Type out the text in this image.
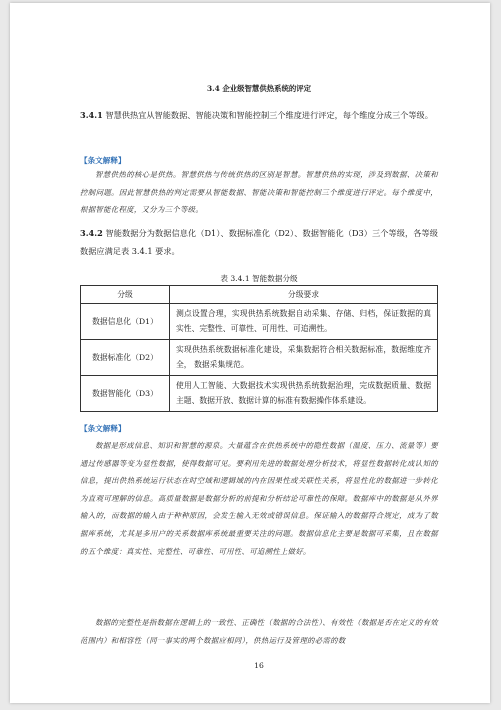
3.4 企业级智慧供热系统的评定
3.4.1 智慧供热宜从智能数据、智能决策和智能控制三个维度进行评定，每个维度分成三个等级。
【条文解释】
智慧供热的核心是供热。智慧供热与传统供热的区别是智慧。智慧供热的实现，涉及到数据、决策和控制问题。因此智慧供热的判定需要从智能数据、智能决策和智能控制三个维度进行评定。每个维度中，根据智能化程度，又分为三个等级。
3.4.2 智能数据分为数据信息化（D1）、数据标准化（D2）、数据智能化（D3）三个等级，各等级数据应满足表 3.4.1 要求。
表 3.4.1 智能数据分级
分级	分级要求
数据信息化（D1）	测点设置合理，实现供热系统数据自动采集、存储、归档，保证数据的真实性、完整性、可靠性、可用性、可追溯性。
数据标准化（D2）	实现供热系统数据标准化建设，采集数据符合相关数据标准，数据维度齐全， 数据采集规范。
数据智能化（D3）	使用人工智能、大数据技术实现供热系统数据治理，完成数据质量、数据主题、数据开放、数据计算的标准有数据操作体系建设。
【条文解释】
数据是形成信息、知识和智慧的源泉。大量蕴含在供热系统中的隐性数据（温度、压力、流量等）要通过传感器等变为显性数据，使得数据可见。要利用先进的数据处理分析技术，将显性数据转化成认知的信息，提出供热系统运行状态在时空域和逻辑域的内在因果性或关联性关系，将显性化的数据进一步转化为直观可理解的信息。高质量数据是数据分析的前提和分析结论可靠性的保障。数据库中的数据是从外界输入的，而数据的输入由于种种原因，会发生输入无效或错误信息。保证输入的数据符合规定，成为了数据库系统，尤其是多用户的关系数据库系统最重要关注的问题。数据信息化主要是数据可采集，且在数据的五个维度：真实性、完整性、可靠性、可用性、可追溯性上做好。
数据的完整性是指数据在逻辑上的一致性、正确性（数据的合法性）、有效性（数据是否在定义的有效范围内）和相容性（同一事实的两个数据应相同），供热运行及管理的必需的数
16
